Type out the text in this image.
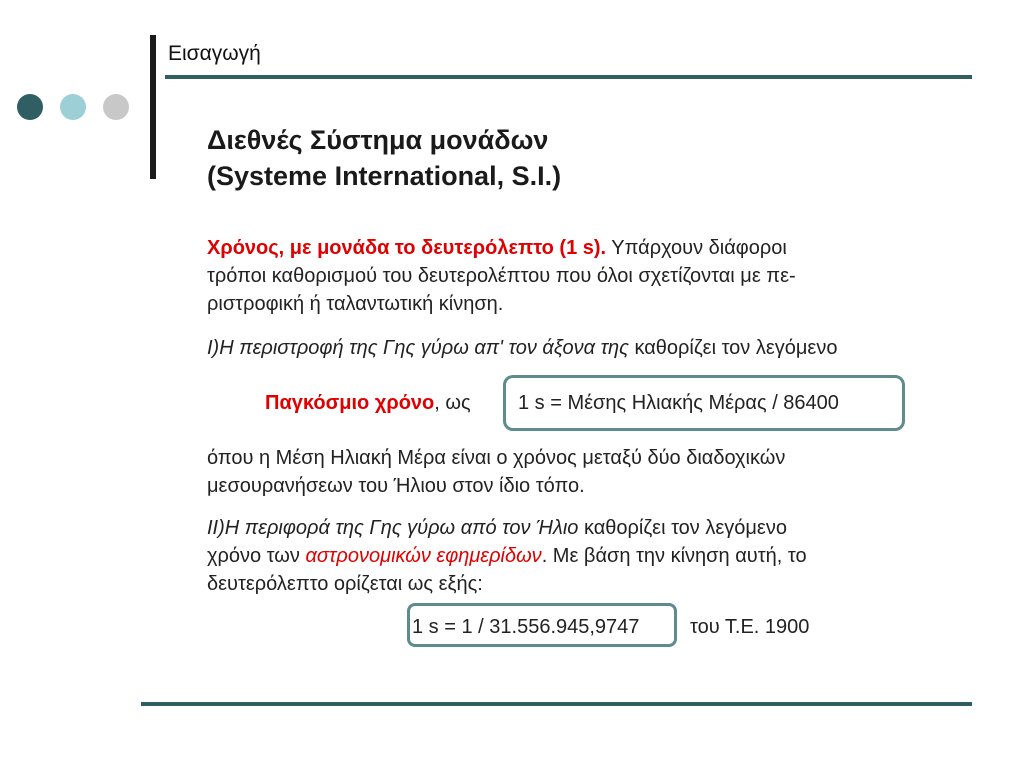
Εισαγωγή
Διεθνές Σύστημα μονάδων
(Systeme International, S.I.)
Χρόνος, με μονάδα το δευτερόλεπτο (1 s). Υπάρχουν διάφοροι
τρόποι καθορισμού του δευτερολέπτου που όλοι σχετίζονται με πε-
ριστροφική ή ταλαντωτική κίνηση.
I)Η περιστροφή της Γης γύρω απ' τον άξονα της καθορίζει τον λεγόμενο
Παγκόσμιο χρόνο, ως 1 s = Μέσης Ηλιακής Μέρας / 86400
όπου η Μέση Ηλιακή Μέρα είναι ο χρόνος μεταξύ δύο διαδοχικών
μεσουρανήσεων του Ήλιου στον ίδιο τόπο.
II)Η περιφορά της Γης γύρω από τον Ήλιο καθορίζει τον λεγόμενο
χρόνο των αστρονομικών εφημερίδων. Με βάση την κίνηση αυτή, το
δευτερόλεπτο ορίζεται ως εξής:
1 s = 1 / 31.556.945,9747	του Τ.Ε. 1900
